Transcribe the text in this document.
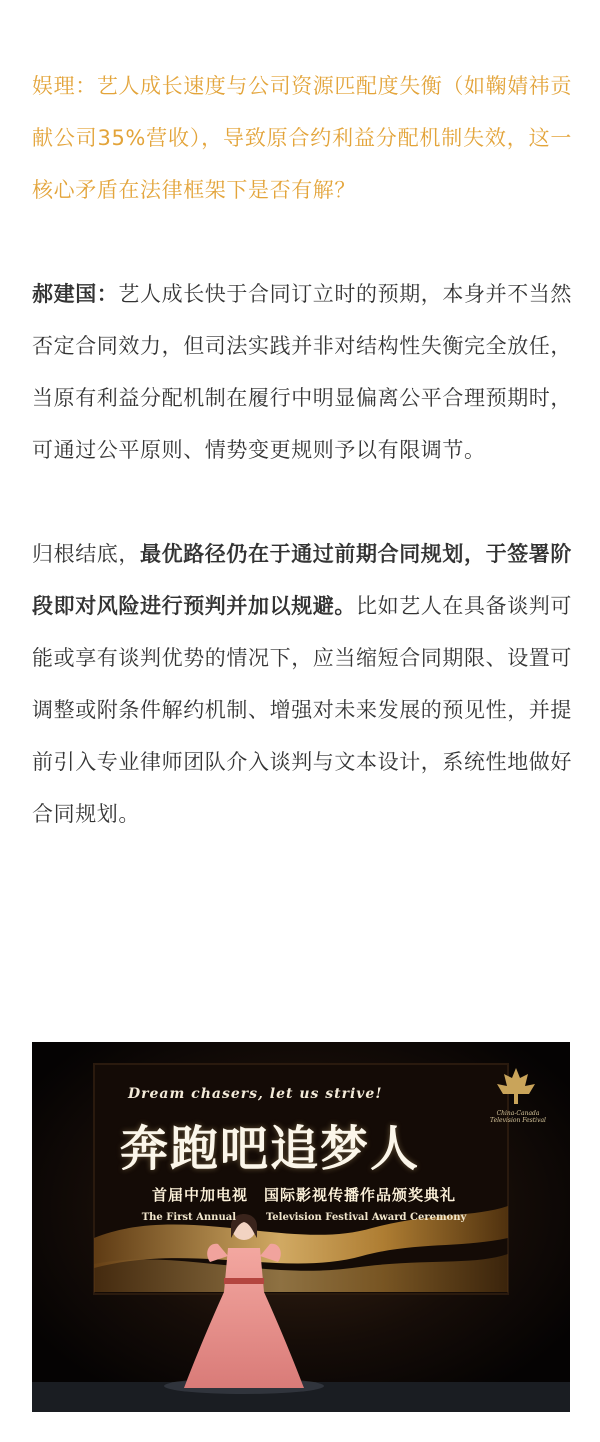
娱理：艺人成长速度与公司资源匹配度失衡（如鞠婧祎贡献公司35%营收），导致原合约利益分配机制失效，这一核心矛盾在法律框架下是否有解？

郝建国：艺人成长快于合同订立时的预期，本身并不当然否定合同效力，但司法实践并非对结构性失衡完全放任，当原有利益分配机制在履行中明显偏离公平合理预期时，可通过公平原则、情势变更规则予以有限调节。

归根结底，最优路径仍在于通过前期合同规划，于签署阶段即对风险进行预判并加以规避。比如艺人在具备谈判可能或享有谈判优势的情况下，应当缩短合同期限、设置可调整或附条件解约机制、增强对未来发展的预见性，并提前引入专业律师团队介入谈判与文本设计，系统性地做好合同规划。

Dream chasers, let us strive!
奔跑吧追梦人
首届中加电视　国际影视传播作品颁奖典礼
The First Annual　　　Television Festival Award Ceremony
China-Canada Television Festival
